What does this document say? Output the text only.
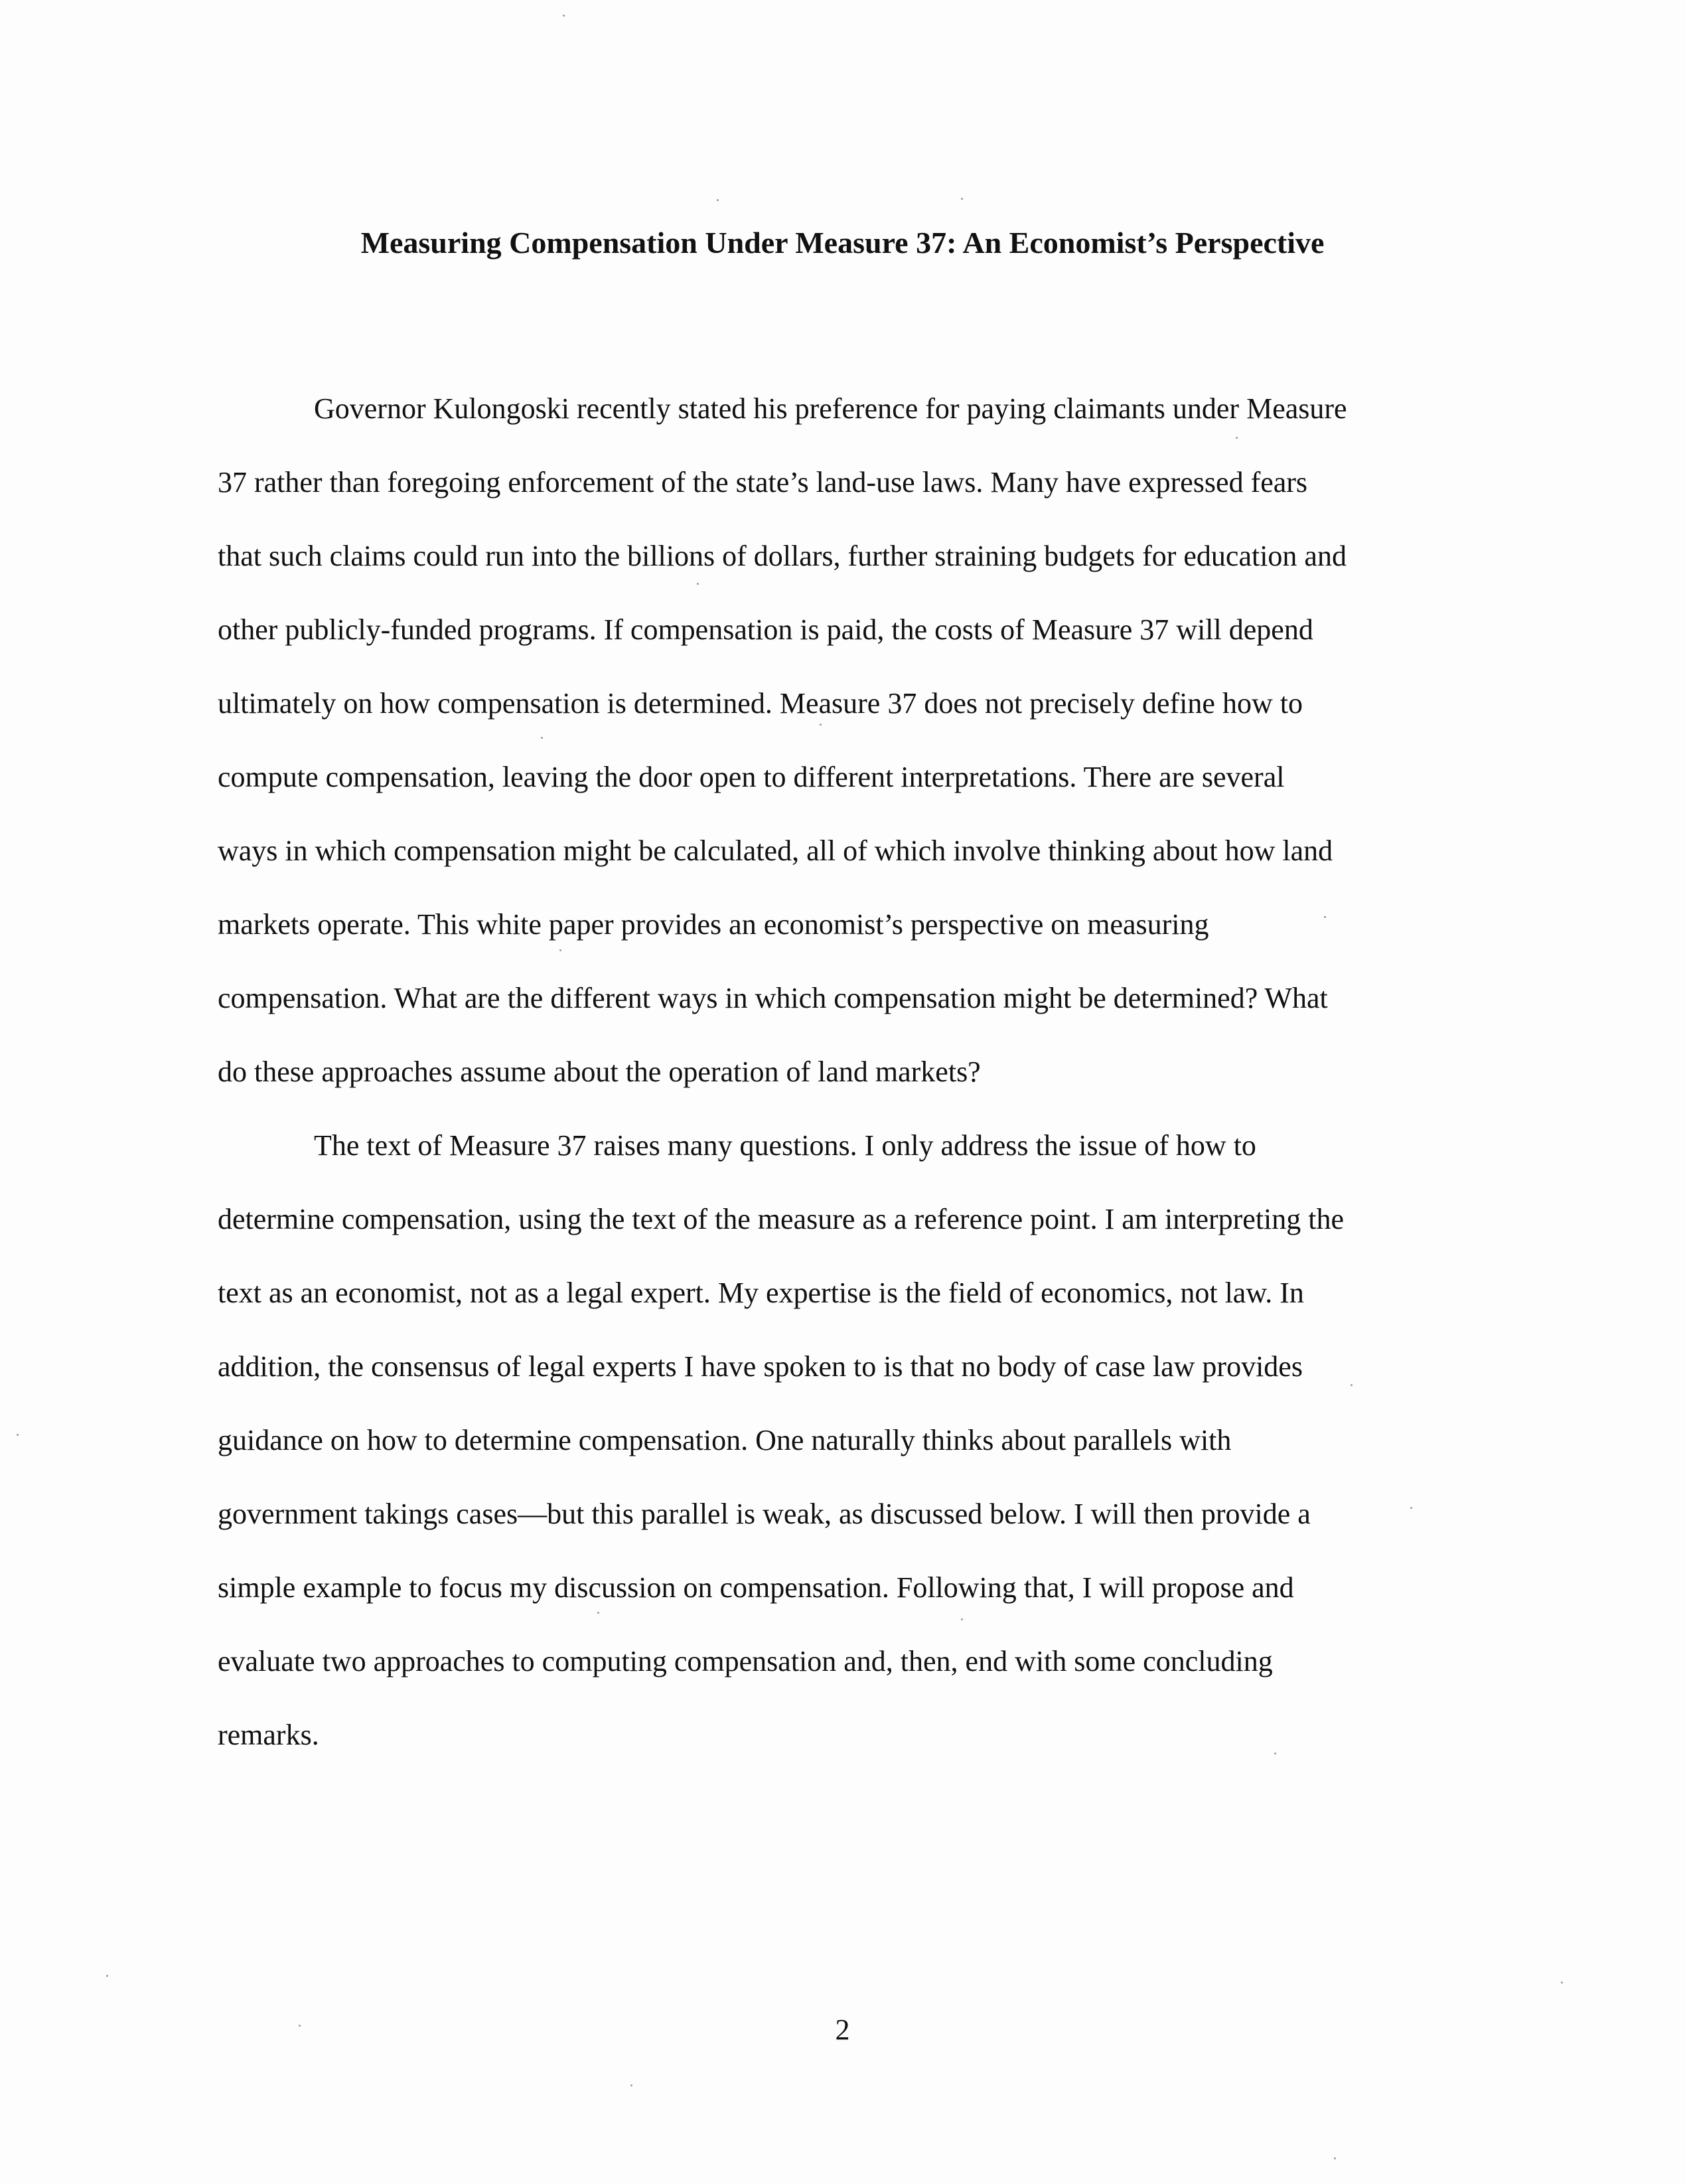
Measuring Compensation Under Measure 37: An Economist’s Perspective
Governor Kulongoski recently stated his preference for paying claimants under Measure
37 rather than foregoing enforcement of the state’s land-use laws. Many have expressed fears
that such claims could run into the billions of dollars, further straining budgets for education and
other publicly-funded programs. If compensation is paid, the costs of Measure 37 will depend
ultimately on how compensation is determined. Measure 37 does not precisely define how to
compute compensation, leaving the door open to different interpretations. There are several
ways in which compensation might be calculated, all of which involve thinking about how land
markets operate. This white paper provides an economist’s perspective on measuring
compensation. What are the different ways in which compensation might be determined? What
do these approaches assume about the operation of land markets?
The text of Measure 37 raises many questions. I only address the issue of how to
determine compensation, using the text of the measure as a reference point. I am interpreting the
text as an economist, not as a legal expert. My expertise is the field of economics, not law. In
addition, the consensus of legal experts I have spoken to is that no body of case law provides
guidance on how to determine compensation. One naturally thinks about parallels with
government takings cases—but this parallel is weak, as discussed below. I will then provide a
simple example to focus my discussion on compensation. Following that, I will propose and
evaluate two approaches to computing compensation and, then, end with some concluding
remarks.
2
